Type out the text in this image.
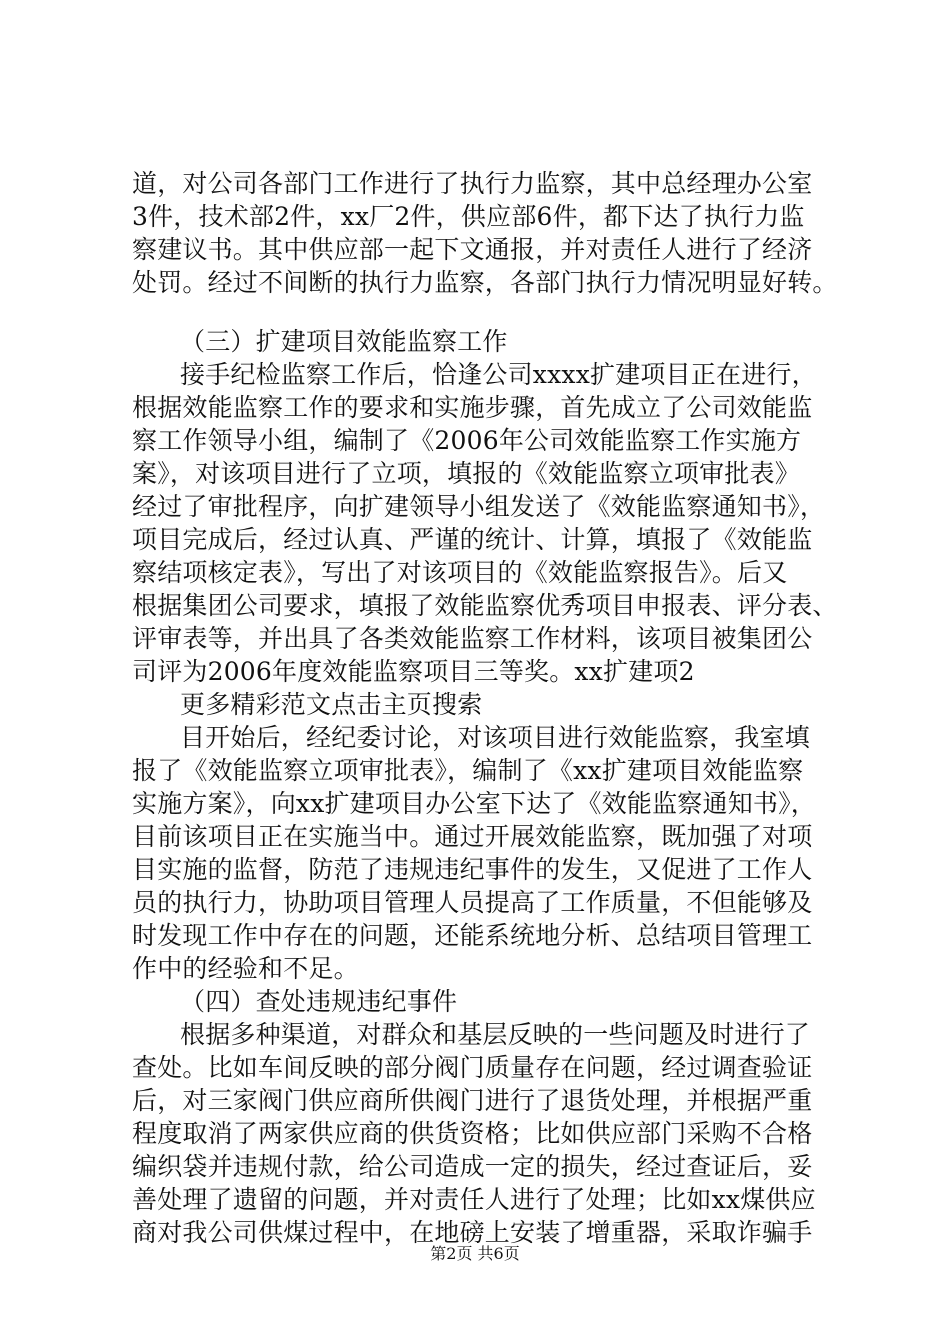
道，对公司各部门工作进行了执行力监察，其中总经理办公室
3件，技术部2件，xx厂2件，供应部6件，都下达了执行力监
察建议书。其中供应部一起下文通报，并对责任人进行了经济
处罚。经过不间断的执行力监察，各部门执行力情况明显好转。
（三）扩建项目效能监察工作
接手纪检监察工作后，恰逢公司xxxx扩建项目正在进行，
根据效能监察工作的要求和实施步骤，首先成立了公司效能监
察工作领导小组，编制了《2006年公司效能监察工作实施方
案》，对该项目进行了立项，填报的《效能监察立项审批表》
经过了审批程序，向扩建领导小组发送了《效能监察通知书》，
项目完成后，经过认真、严谨的统计、计算，填报了《效能监
察结项核定表》，写出了对该项目的《效能监察报告》。后又
根据集团公司要求，填报了效能监察优秀项目申报表、评分表、
评审表等，并出具了各类效能监察工作材料，该项目被集团公
司评为2006年度效能监察项目三等奖。xx扩建项2
更多精彩范文点击主页搜索
目开始后，经纪委讨论，对该项目进行效能监察，我室填
报了《效能监察立项审批表》，编制了《xx扩建项目效能监察
实施方案》，向xx扩建项目办公室下达了《效能监察通知书》，
目前该项目正在实施当中。通过开展效能监察，既加强了对项
目实施的监督，防范了违规违纪事件的发生，又促进了工作人
员的执行力，协助项目管理人员提高了工作质量，不但能够及
时发现工作中存在的问题，还能系统地分析、总结项目管理工
作中的经验和不足。
（四）查处违规违纪事件
根据多种渠道，对群众和基层反映的一些问题及时进行了
查处。比如车间反映的部分阀门质量存在问题，经过调查验证
后，对三家阀门供应商所供阀门进行了退货处理，并根据严重
程度取消了两家供应商的供货资格；比如供应部门采购不合格
编织袋并违规付款，给公司造成一定的损失，经过查证后，妥
善处理了遗留的问题，并对责任人进行了处理；比如xx煤供应
商对我公司供煤过程中，在地磅上安装了增重器，采取诈骗手
第2页 共6页
